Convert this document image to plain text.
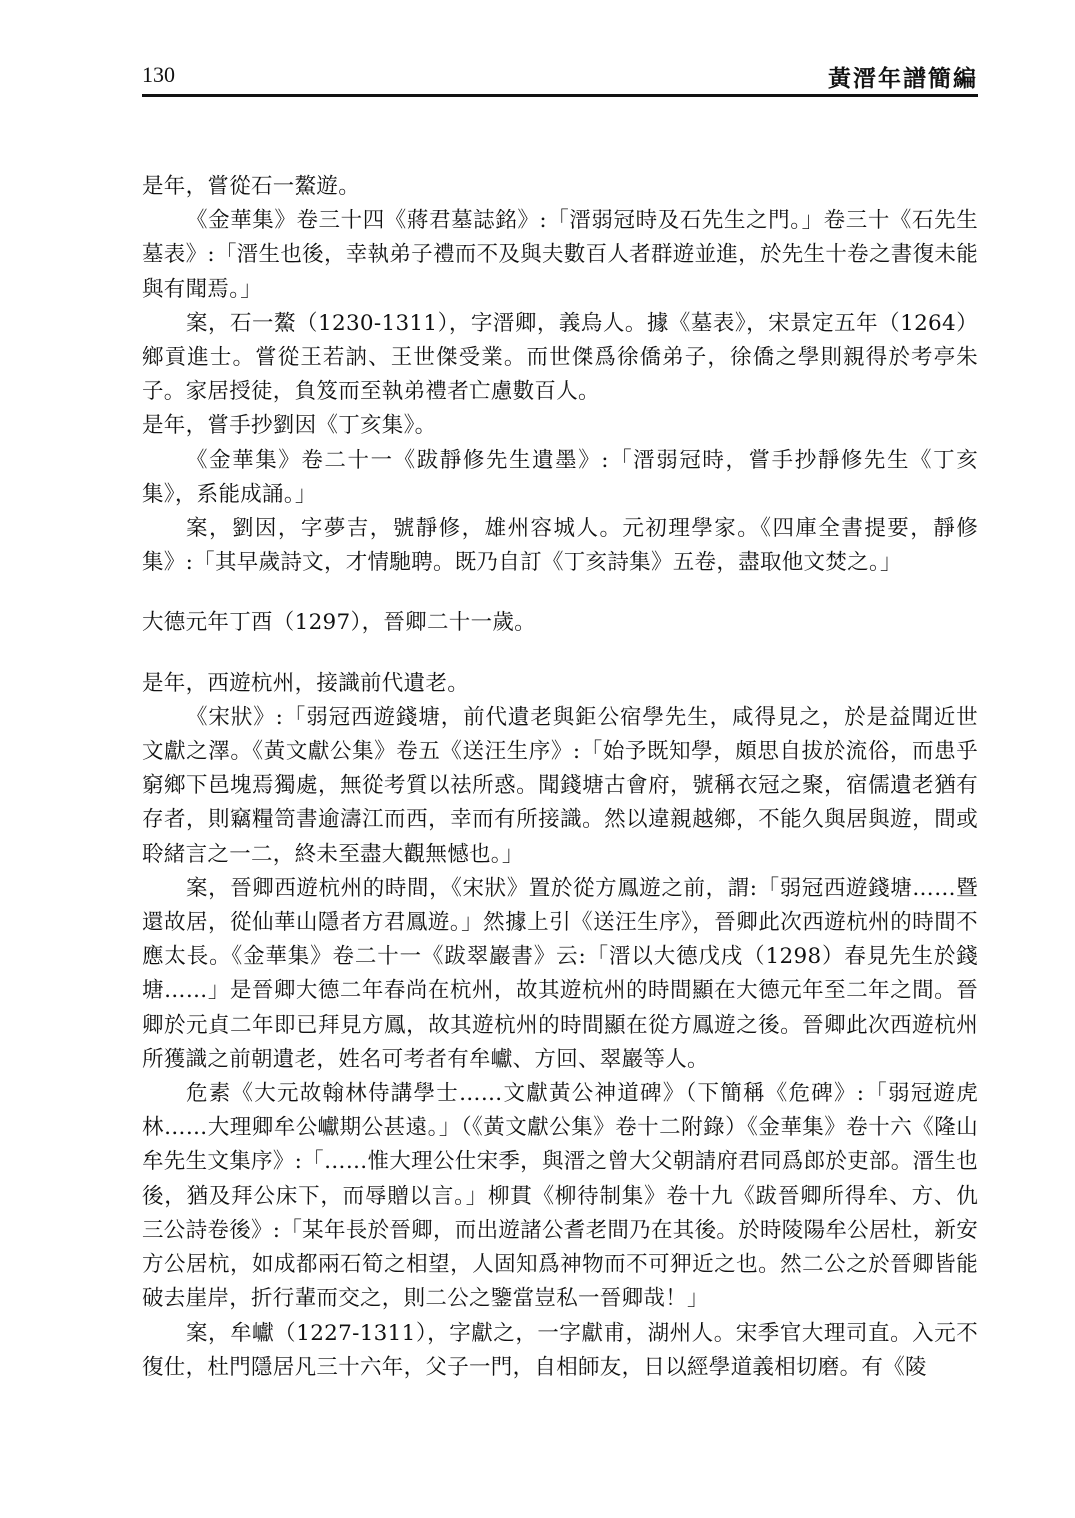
130	黃溍年譜簡編

是年，嘗從石一鰲遊。

《金華集》卷三十四《蔣君墓誌銘》:「溍弱冠時及石先生之門。」卷三十《石先生墓表》:「溍生也後，幸執弟子禮而不及與夫數百人者群遊並進，於先生十卷之書復未能與有聞焉。」

案，石一鰲（1230-1311），字溍卿，義烏人。據《墓表》，宋景定五年（1264）鄉貢進士。嘗從王若訥、王世傑受業。而世傑爲徐僑弟子，徐僑之學則親得於考亭朱子。家居授徒，負笈而至執弟禮者亡慮數百人。

是年，嘗手抄劉因《丁亥集》。

《金華集》卷二十一《跋靜修先生遺墨》:「溍弱冠時，嘗手抄靜修先生《丁亥集》，系能成誦。」

案，劉因，字夢吉，號靜修，雄州容城人。元初理學家。《四庫全書提要，靜修集》:「其早歲詩文，才情馳聘。既乃自訂《丁亥詩集》五卷，盡取他文焚之。」

大德元年丁酉（1297），晉卿二十一歲。

是年，西遊杭州，接識前代遺老。

《宋狀》:「弱冠西遊錢塘，前代遺老與鉅公宿學先生，咸得見之，於是益聞近世文獻之澤。《黃文獻公集》卷五《送汪生序》:「始予既知學，頗思自拔於流俗，而患乎窮鄉下邑塊焉獨處，無從考質以祛所惑。聞錢塘古會府，號稱衣冠之聚，宿儒遺老猶有存者，則竊糧笥書逾濤江而西，幸而有所接識。然以違親越鄉，不能久與居與遊，間或聆緒言之一二，終未至盡大觀無憾也。」

案，晉卿西遊杭州的時間，《宋狀》置於從方鳳遊之前，謂:「弱冠西遊錢塘……暨還故居，從仙華山隱者方君鳳遊。」然據上引《送汪生序》，晉卿此次西遊杭州的時間不應太長。《金華集》卷二十一《跋翠巖書》云:「溍以大德戊戌（1298）春見先生於錢塘……」是晉卿大德二年春尚在杭州，故其遊杭州的時間顯在大德元年至二年之間。晉卿於元貞二年即已拜見方鳳，故其遊杭州的時間顯在從方鳳遊之後。晉卿此次西遊杭州所獲識之前朝遺老，姓名可考者有牟巘、方回、翠巖等人。

危素《大元故翰林侍講學士……文獻黃公神道碑》（下簡稱《危碑》:「弱冠遊虎林……大理卿牟公巘期公甚遠。」（《黃文獻公集》卷十二附錄）《金華集》卷十六《隆山牟先生文集序》:「……惟大理公仕宋季，與溍之曾大父朝請府君同爲郎於吏部。溍生也後，猶及拜公床下，而辱贈以言。」柳貫《柳待制集》卷十九《跋晉卿所得牟、方、仇三公詩卷後》:「某年長於晉卿，而出遊諸公耆老間乃在其後。於時陵陽牟公居杜，新安方公居杭，如成都兩石筍之相望，人固知爲神物而不可狎近之也。然二公之於晉卿皆能破去崖岸，折行輩而交之，則二公之鑒當豈私一晉卿哉！」

案，牟巘（1227-1311），字獻之，一字獻甫，湖州人。宋季官大理司直。入元不復仕，杜門隱居凡三十六年，父子一門，自相師友，日以經學道義相切磨。有《陵
